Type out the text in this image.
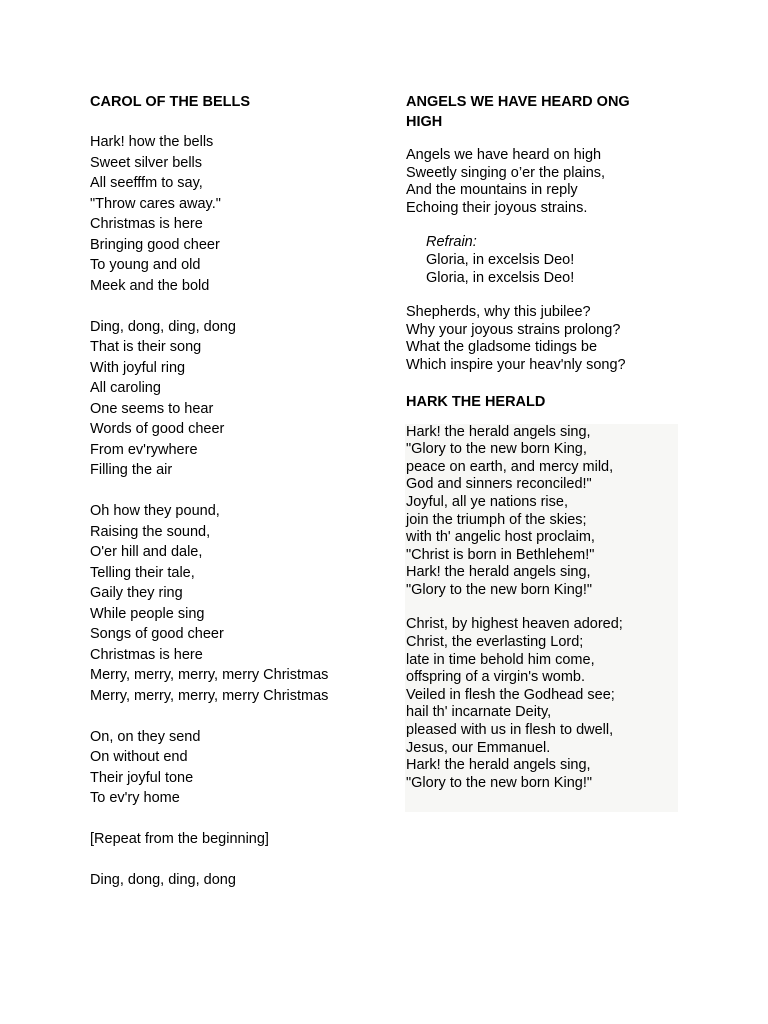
CAROL OF THE BELLS
Hark! how the bells
Sweet silver bells
All seefffm to say,
"Throw cares away."
Christmas is here
Bringing good cheer
To young and old
Meek and the bold
Ding, dong, ding, dong
That is their song
With joyful ring
All caroling
One seems to hear
Words of good cheer
From ev'rywhere
Filling the air
Oh how they pound,
Raising the sound,
O'er hill and dale,
Telling their tale,
Gaily they ring
While people sing
Songs of good cheer
Christmas is here
Merry, merry, merry, merry Christmas
Merry, merry, merry, merry Christmas
On, on they send
On without end
Their joyful tone
To ev'ry home
[Repeat from the beginning]
Ding, dong, ding, dong
ANGELS WE HAVE HEARD ONG
HIGH
Angels we have heard on high
Sweetly singing o’er the plains,
And the mountains in reply
Echoing their joyous strains.
Refrain:
Gloria, in excelsis Deo!
Gloria, in excelsis Deo!
Shepherds, why this jubilee?
Why your joyous strains prolong?
What the gladsome tidings be
Which inspire your heav'nly song?
HARK THE HERALD
Hark! the herald angels sing,
"Glory to the new born King,
peace on earth, and mercy mild,
God and sinners reconciled!"
Joyful, all ye nations rise,
join the triumph of the skies;
with th' angelic host proclaim,
"Christ is born in Bethlehem!"
Hark! the herald angels sing,
"Glory to the new born King!"
Christ, by highest heaven adored;
Christ, the everlasting Lord;
late in time behold him come,
offspring of a virgin's womb.
Veiled in flesh the Godhead see;
hail th' incarnate Deity,
pleased with us in flesh to dwell,
Jesus, our Emmanuel.
Hark! the herald angels sing,
"Glory to the new born King!"
